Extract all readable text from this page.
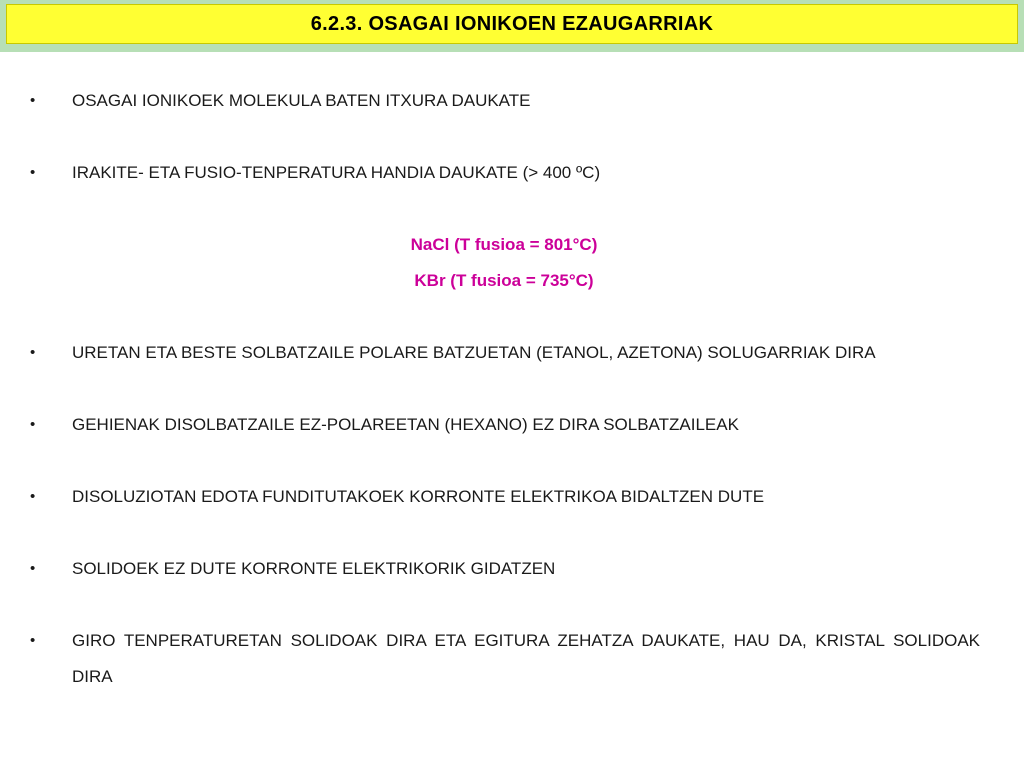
6.2.3. OSAGAI IONIKOEN EZAUGARRIAK
•	OSAGAI IONIKOEK MOLEKULA BATEN ITXURA DAUKATE
•	IRAKITE- ETA FUSIO-TENPERATURA HANDIA DAUKATE (> 400 ºC)
NaCl (T fusioa = 801°C)
KBr (T fusioa = 735°C)
•	URETAN ETA BESTE SOLBATZAILE POLARE BATZUETAN (ETANOL, AZETONA) SOLUGARRIAK DIRA
•	GEHIENAK DISOLBATZAILE EZ-POLAREETAN (HEXANO) EZ DIRA SOLBATZAILEAK
•	DISOLUZIOTAN EDOTA FUNDITUTAKOEK KORRONTE ELEKTRIKOA BIDALTZEN DUTE
•	SOLIDOEK EZ DUTE KORRONTE ELEKTRIKORIK GIDATZEN
•	GIRO TENPERATURETAN SOLIDOAK DIRA ETA EGITURA ZEHATZA DAUKATE, HAU DA, KRISTAL SOLIDOAK DIRA
